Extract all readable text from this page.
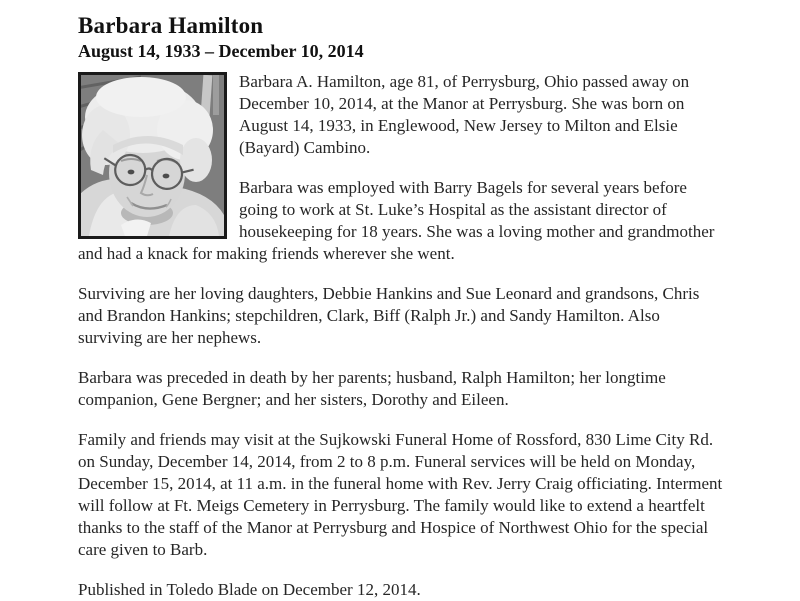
Barbara Hamilton
August 14, 1933 – December 10, 2014

Barbara A. Hamilton, age 81, of Perrysburg, Ohio passed away on December 10, 2014, at the Manor at Perrysburg. She was born on August 14, 1933, in Englewood, New Jersey to Milton and Elsie (Bayard) Cambino.

Barbara was employed with Barry Bagels for several years before going to work at St. Luke’s Hospital as the assistant director of housekeeping for 18 years. She was a loving mother and grandmother and had a knack for making friends wherever she went.

Surviving are her loving daughters, Debbie Hankins and Sue Leonard and grandsons, Chris and Brandon Hankins; stepchildren, Clark, Biff (Ralph Jr.) and Sandy Hamilton. Also surviving are her nephews.

Barbara was preceded in death by her parents; husband, Ralph Hamilton; her longtime companion, Gene Bergner; and her sisters, Dorothy and Eileen.

Family and friends may visit at the Sujkowski Funeral Home of Rossford, 830 Lime City Rd. on Sunday, December 14, 2014, from 2 to 8 p.m. Funeral services will be held on Monday, December 15, 2014, at 11 a.m. in the funeral home with Rev. Jerry Craig officiating. Interment will follow at Ft. Meigs Cemetery in Perrysburg. The family would like to extend a heartfelt thanks to the staff of the Manor at Perrysburg and Hospice of Northwest Ohio for the special care given to Barb.

Published in Toledo Blade on December 12, 2014.
